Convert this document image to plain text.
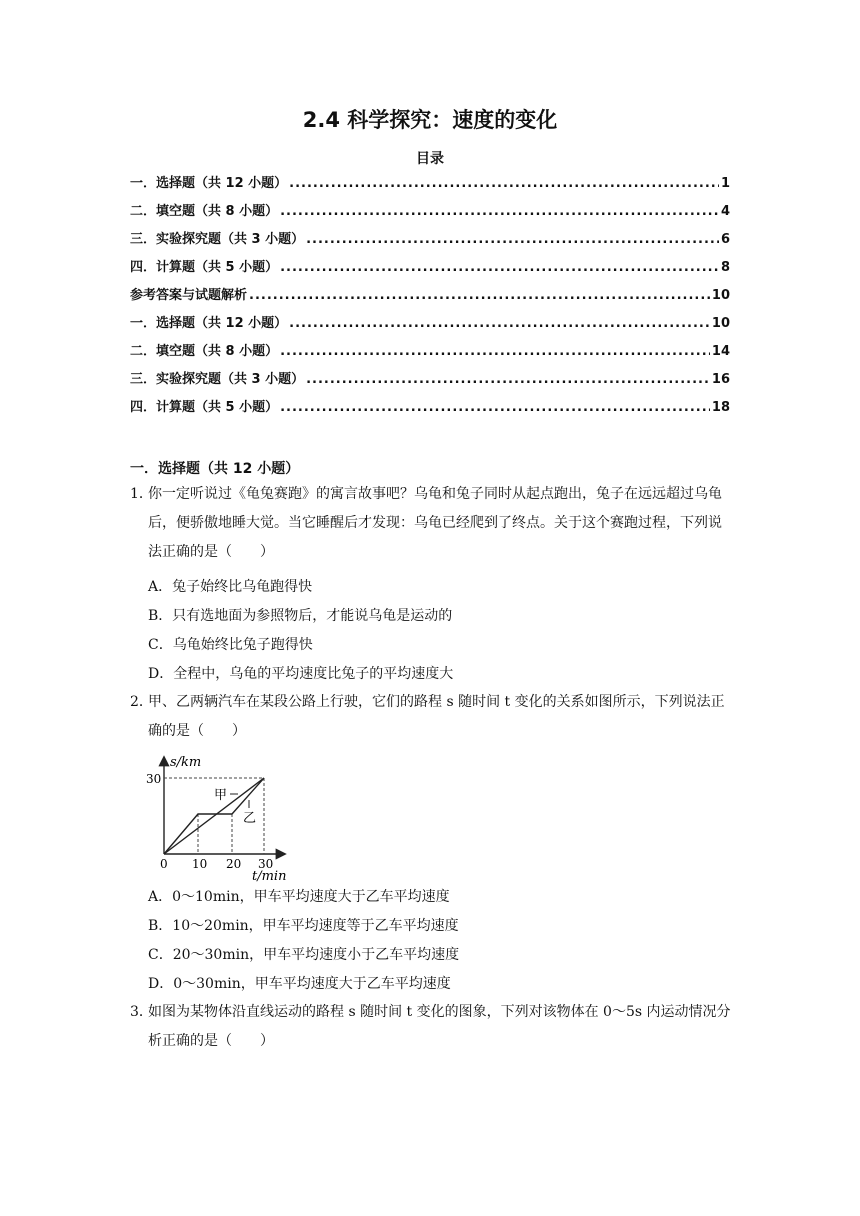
2.4 科学探究：速度的变化
目录
一．选择题（共 12 小题） .....	1
二．填空题（共 8 小题） .....	4
三．实验探究题（共 3 小题） .....	6
四．计算题（共 5 小题） .....	8
参考答案与试题解析 .....	10
一．选择题（共 12 小题） .....	10
二．填空题（共 8 小题） .....	14
三．实验探究题（共 3 小题） .....	16
四．计算题（共 5 小题） .....	18
一．选择题（共 12 小题）
1．
你一定听说过《龟兔赛跑》的寓言故事吧？乌龟和兔子同时从起点跑出，兔子在远远超过乌龟后，便骄傲地睡大觉。当它睡醒后才发现：乌龟已经爬到了终点。关于这个赛跑过程，下列说法正确的是（　　）
A．兔子始终比乌龟跑得快
B．只有选地面为参照物后，才能说乌龟是运动的
C．乌龟始终比兔子跑得快
D．全程中，乌龟的平均速度比兔子的平均速度大
2．
甲、乙两辆汽车在某段公路上行驶，它们的路程 s 随时间 t 变化的关系如图所示，下列说法正确的是（　　）
s/km
30
0 10 20 30
t/min
甲
乙
A．0～10min，甲车平均速度大于乙车平均速度
B．10～20min，甲车平均速度等于乙车平均速度
C．20～30min，甲车平均速度小于乙车平均速度
D．0～30min，甲车平均速度大于乙车平均速度
3．
如图为某物体沿直线运动的路程 s 随时间 t 变化的图象，下列对该物体在 0～5s 内运动情况分析正确的是（　　）
